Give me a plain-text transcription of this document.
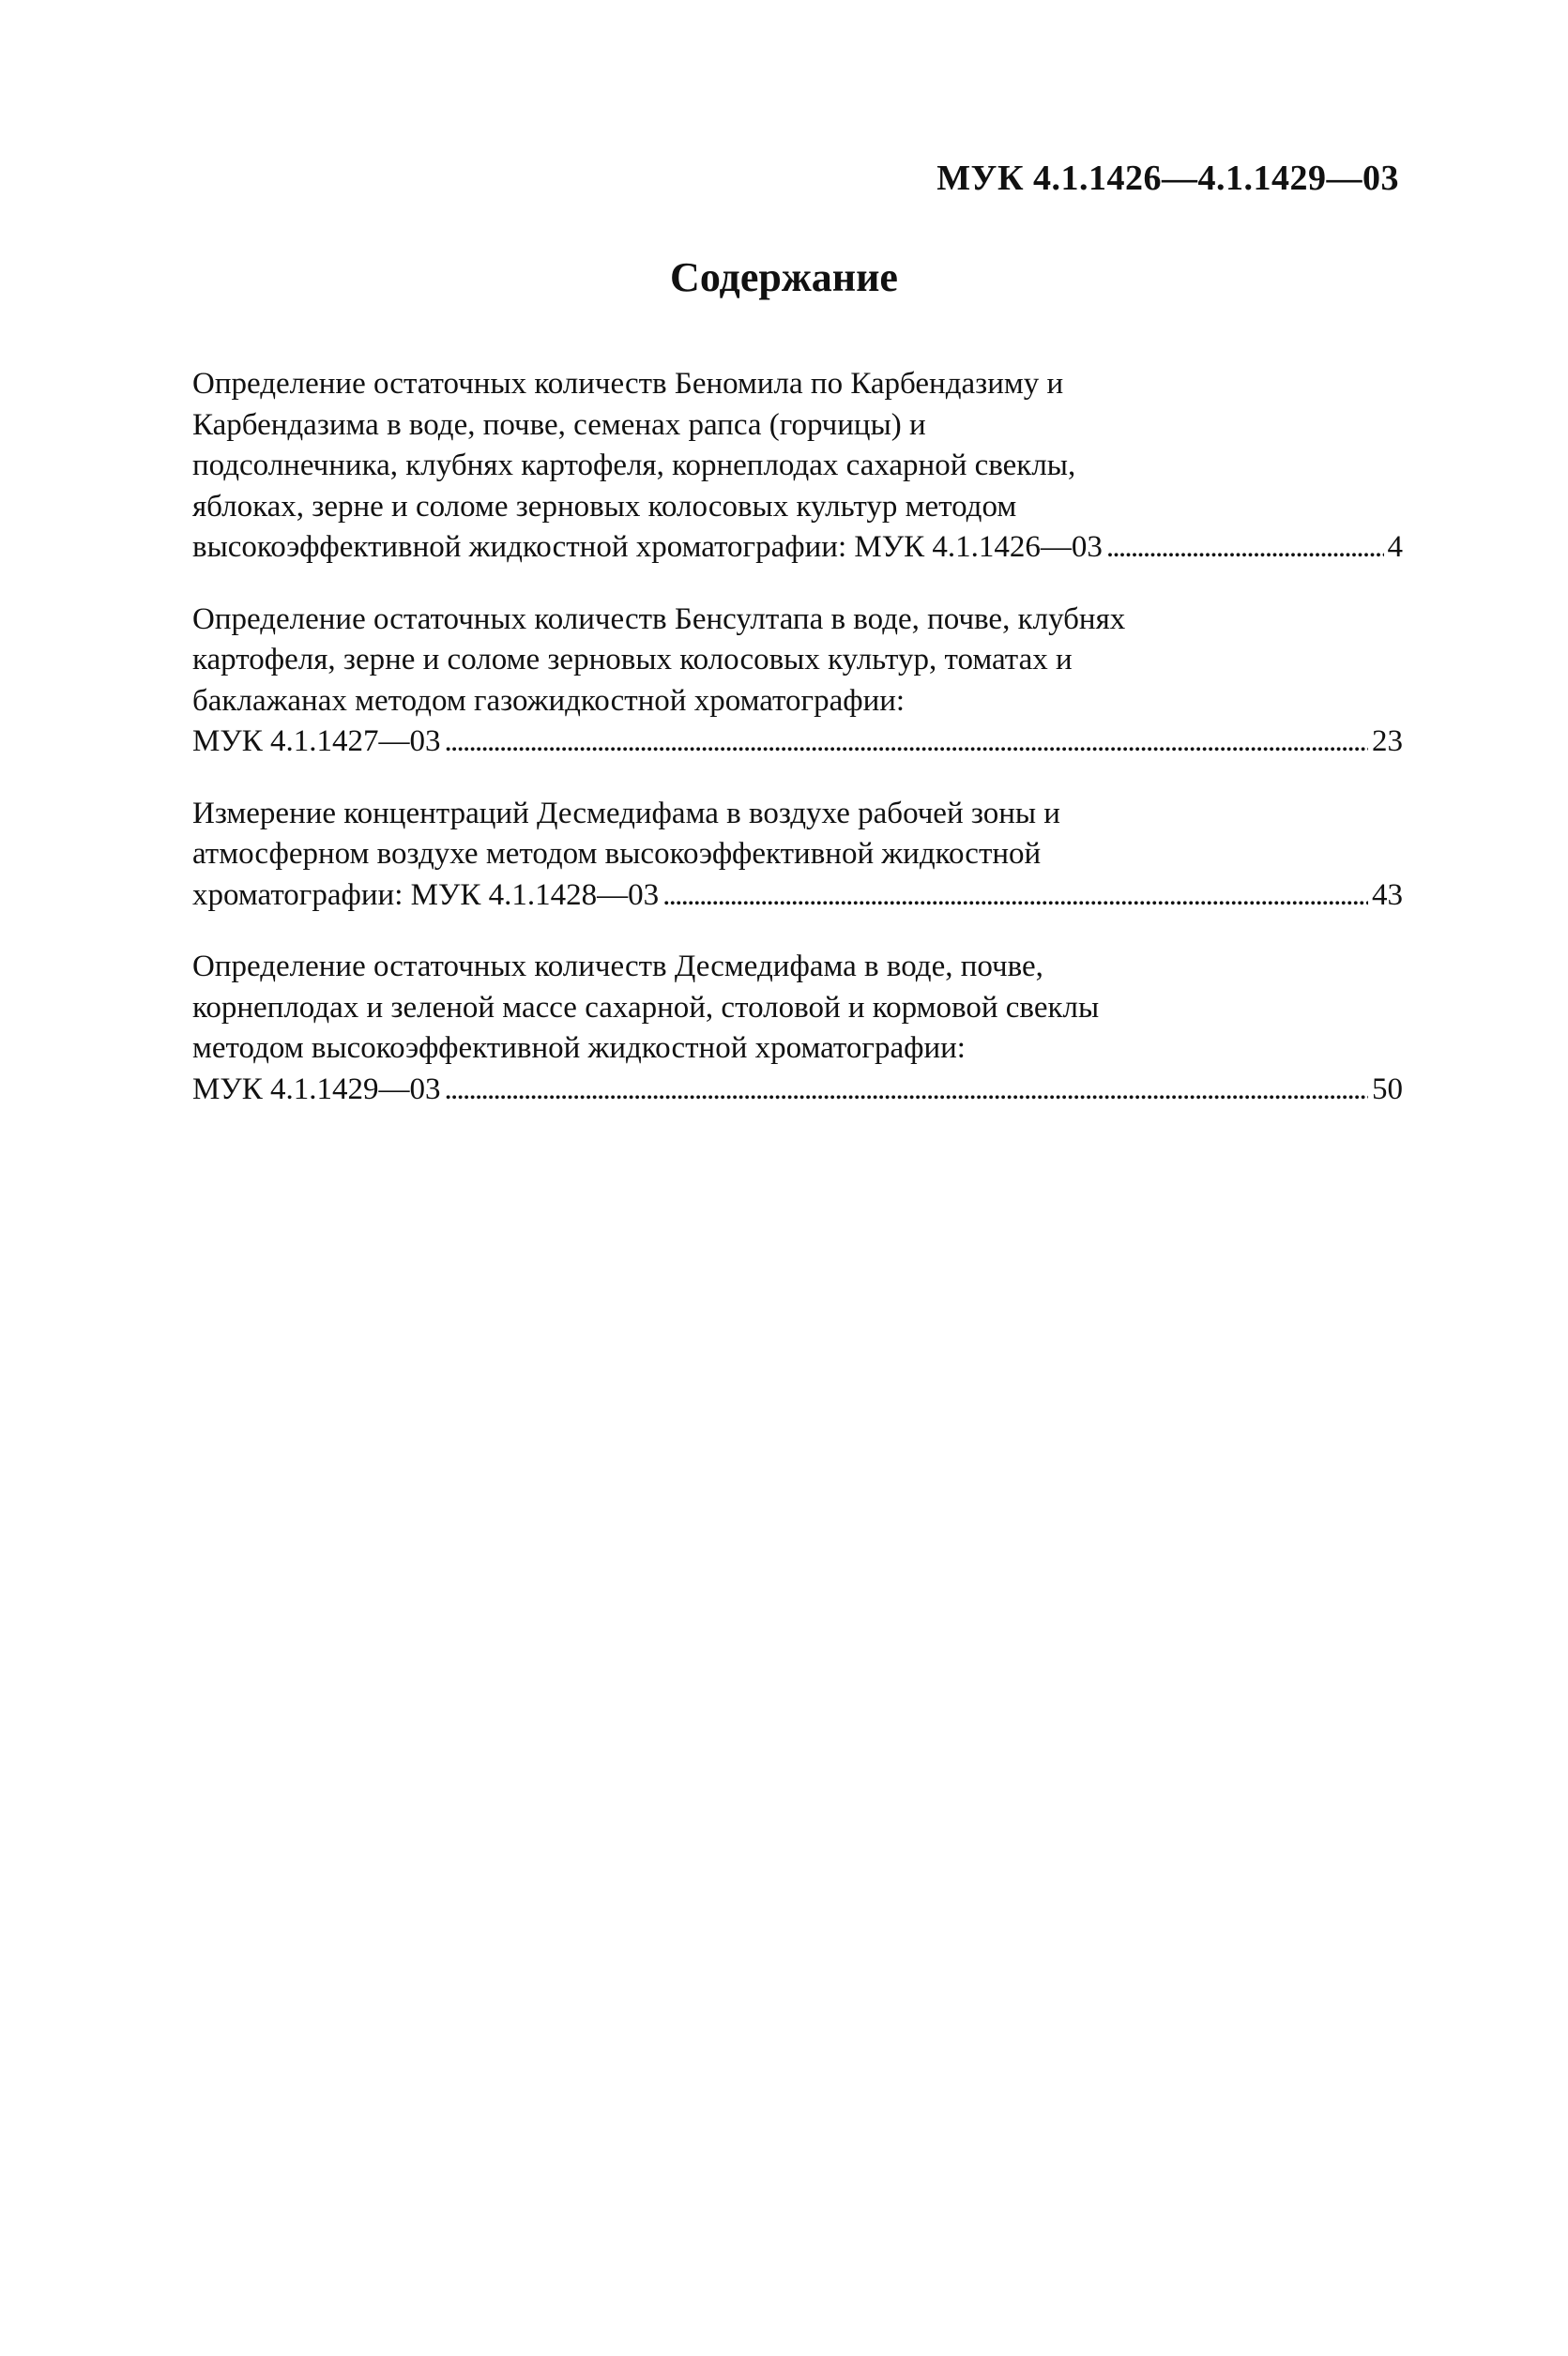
МУК 4.1.1426—4.1.1429—03
Содержание
Определение остаточных количеств Беномила по Карбендазиму и
Карбендазима в воде, почве, семенах рапса (горчицы) и
подсолнечника, клубнях картофеля, корнеплодах сахарной свеклы,
яблоках, зерне и соломе зерновых колосовых культур методом
высокоэффективной жидкостной хроматографии: МУК 4.1.1426—03 . . .	4
Определение остаточных количеств Бенсултапа в воде, почве, клубнях
картофеля, зерне и соломе зерновых колосовых культур, томатах и
баклажанах методом газожидкостной хроматографии:
МУК 4.1.1427—03 . . .	23
Измерение концентраций Десмедифама в воздухе рабочей зоны и
атмосферном воздухе методом высокоэффективной жидкостной
хроматографии: МУК 4.1.1428—03 . . .	43
Определение остаточных количеств Десмедифама в воде, почве,
корнеплодах и зеленой массе сахарной, столовой и кормовой свеклы
методом высокоэффективной жидкостной хроматографии:
МУК 4.1.1429—03 . . .	50
